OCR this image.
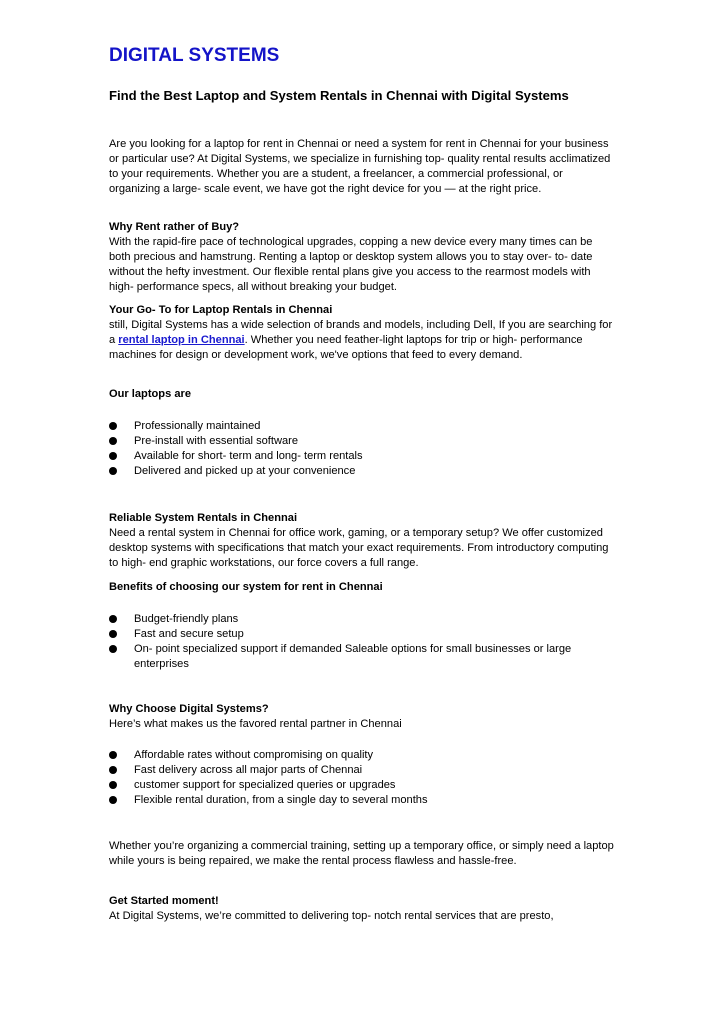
DIGITAL SYSTEMS
Find the Best Laptop and System Rentals in Chennai with Digital Systems

Are you looking for a laptop for rent in Chennai or need a system for rent in Chennai for your business or particular use? At Digital Systems, we specialize in furnishing top- quality rental results acclimatized to your requirements. Whether you are a student, a freelancer, a commercial professional, or organizing a large- scale event, we have got the right device for you — at the right price.

Why Rent rather of Buy?
With the rapid-fire pace of technological upgrades, copping a new device every many times can be both precious and hamstrung. Renting a laptop or desktop system allows you to stay over- to- date without the hefty investment. Our flexible rental plans give you access to the rearmost models with high- performance specs, all without breaking your budget.
Your Go- To for Laptop Rentals in Chennai
still, Digital Systems has a wide selection of brands and models, including Dell, If you are searching for a rental laptop in Chennai. Whether you need feather-light laptops for trip or high- performance machines for design or development work, we've options that feed to every demand.

Our laptops are

Professionally maintained
Pre-install with essential software
Available for short- term and long- term rentals
Delivered and picked up at your convenience
Reliable System Rentals in Chennai
Need a rental system in Chennai for office work, gaming, or a temporary setup? We offer customized desktop systems with specifications that match your exact requirements. From introductory computing to high- end graphic workstations, our force covers a full range.

Benefits of choosing our system for rent in Chennai

Budget-friendly plans
Fast and secure setup
On- point specialized support if demanded Saleable options for small businesses or large enterprises
Why Choose Digital Systems?
Here’s what makes us the favored rental partner in Chennai
Affordable rates without compromising on quality
Fast delivery across all major parts of Chennai
customer support for specialized queries or upgrades
Flexible rental duration, from a single day to several months

Whether you’re organizing a commercial training, setting up a temporary office, or simply need a laptop while yours is being repaired, we make the rental process flawless and hassle-free.

Get Started moment!
At Digital Systems, we’re committed to delivering top- notch rental services that are presto,
